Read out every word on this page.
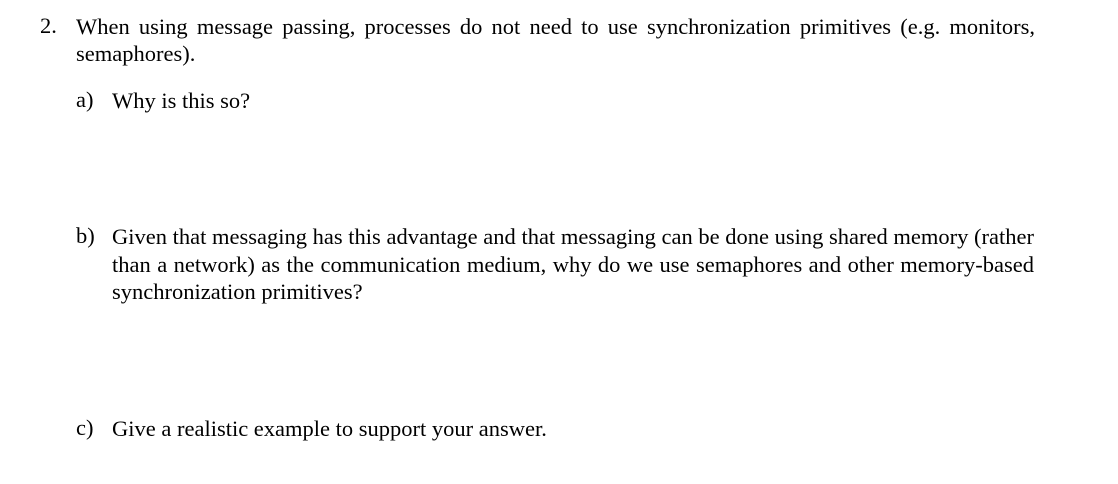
2. When using message passing, processes do not need to use synchronization primitives (e.g. monitors, semaphores).
a) Why is this so?
b) Given that messaging has this advantage and that messaging can be done using shared memory (rather than a network) as the communication medium, why do we use semaphores and other memory-based synchronization primitives?
c) Give a realistic example to support your answer.
